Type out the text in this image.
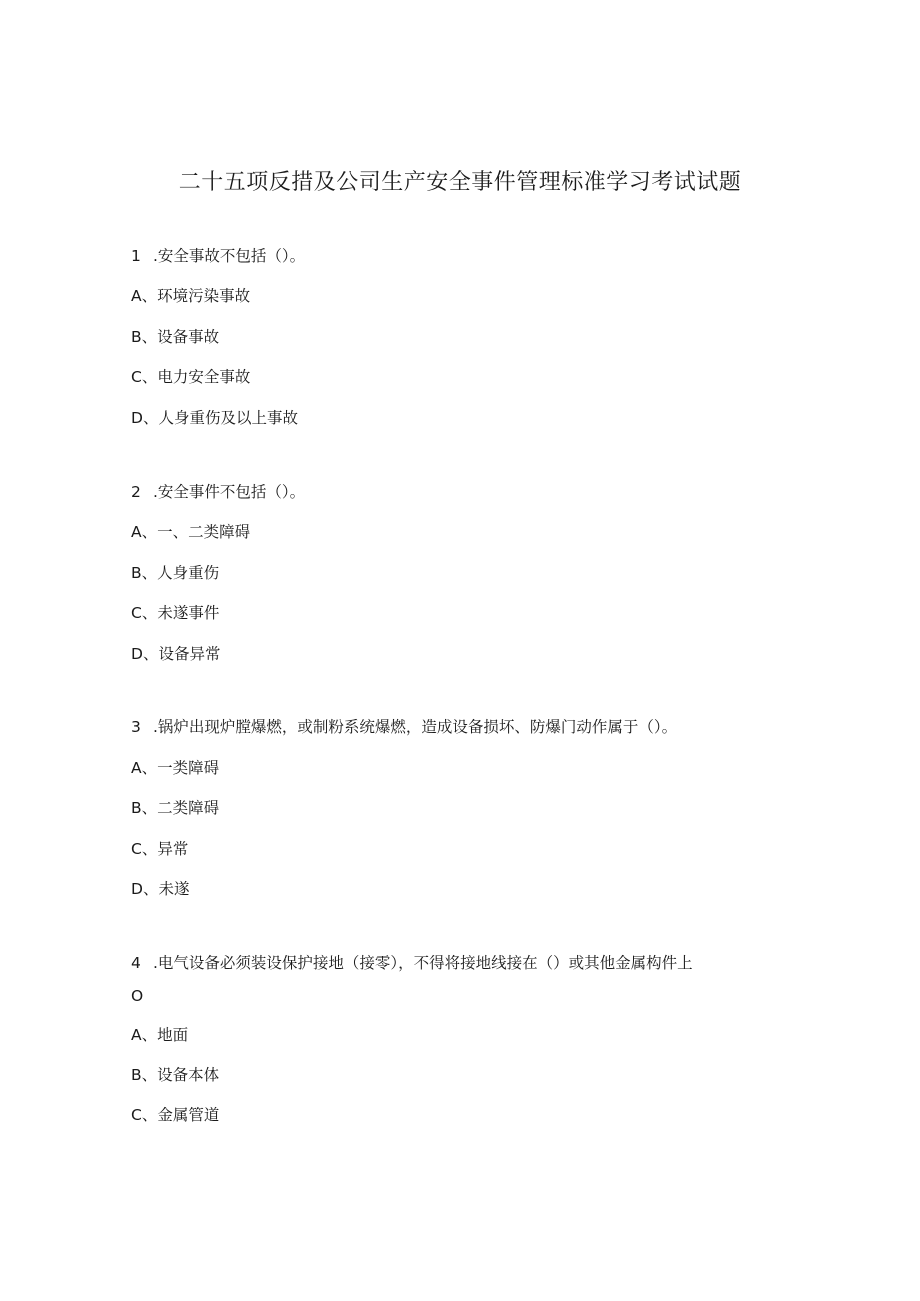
二十五项反措及公司生产安全事件管理标准学习考试试题

1 .安全事故不包括（）。

A、环境污染事故

B、设备事故

C、电力安全事故

D、人身重伤及以上事故

2 .安全事件不包括（）。

A、一、二类障碍

B、人身重伤

C、未遂事件

D、设备异常

3 .锅炉出现炉膛爆燃，或制粉系统爆燃，造成设备损坏、防爆门动作属于（）。

A、一类障碍

B、二类障碍

C、异常

D、未遂

4 .电气设备必须装设保护接地（接零），不得将接地线接在（）或其他金属构件上

O

A、地面

B、设备本体

C、金属管道
